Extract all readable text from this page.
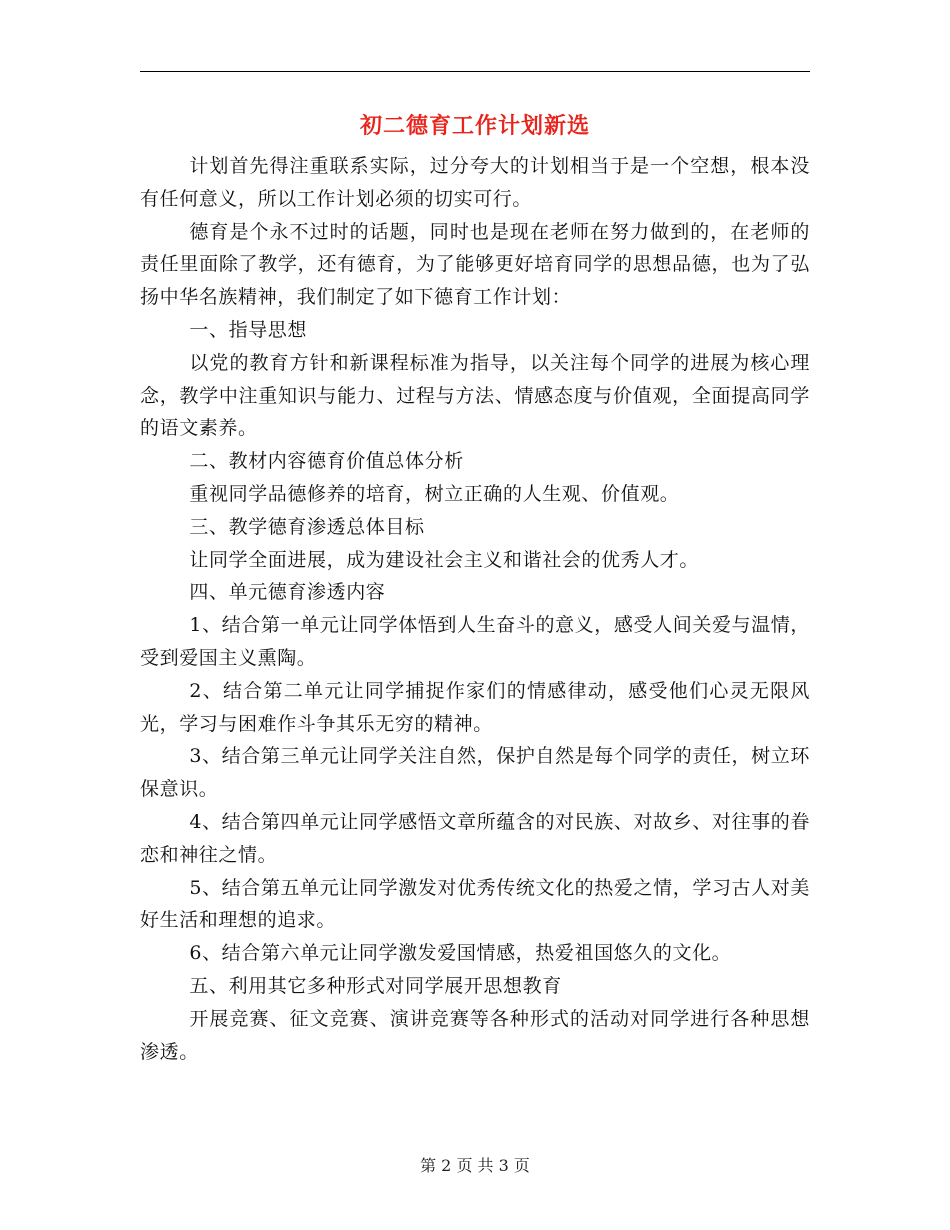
初二德育工作计划新选

计划首先得注重联系实际，过分夸大的计划相当于是一个空想，根本没有任何意义，所以工作计划必须的切实可行。

德育是个永不过时的话题，同时也是现在老师在努力做到的，在老师的责任里面除了教学，还有德育，为了能够更好培育同学的思想品德，也为了弘扬中华名族精神，我们制定了如下德育工作计划：

一、指导思想

以党的教育方针和新课程标准为指导，以关注每个同学的进展为核心理念，教学中注重知识与能力、过程与方法、情感态度与价值观，全面提高同学的语文素养。

二、教材内容德育价值总体分析

重视同学品德修养的培育，树立正确的人生观、价值观。

三、教学德育渗透总体目标

让同学全面进展，成为建设社会主义和谐社会的优秀人才。

四、单元德育渗透内容

1、结合第一单元让同学体悟到人生奋斗的意义，感受人间关爱与温情，受到爱国主义熏陶。

2、结合第二单元让同学捕捉作家们的情感律动，感受他们心灵无限风光，学习与困难作斗争其乐无穷的精神。

3、结合第三单元让同学关注自然，保护自然是每个同学的责任，树立环保意识。

4、结合第四单元让同学感悟文章所蕴含的对民族、对故乡、对往事的眷恋和神往之情。

5、结合第五单元让同学激发对优秀传统文化的热爱之情，学习古人对美好生活和理想的追求。

6、结合第六单元让同学激发爱国情感，热爱祖国悠久的文化。

五、利用其它多种形式对同学展开思想教育

开展竞赛、征文竞赛、演讲竞赛等各种形式的活动对同学进行各种思想渗透。

第 2 页 共 3 页
